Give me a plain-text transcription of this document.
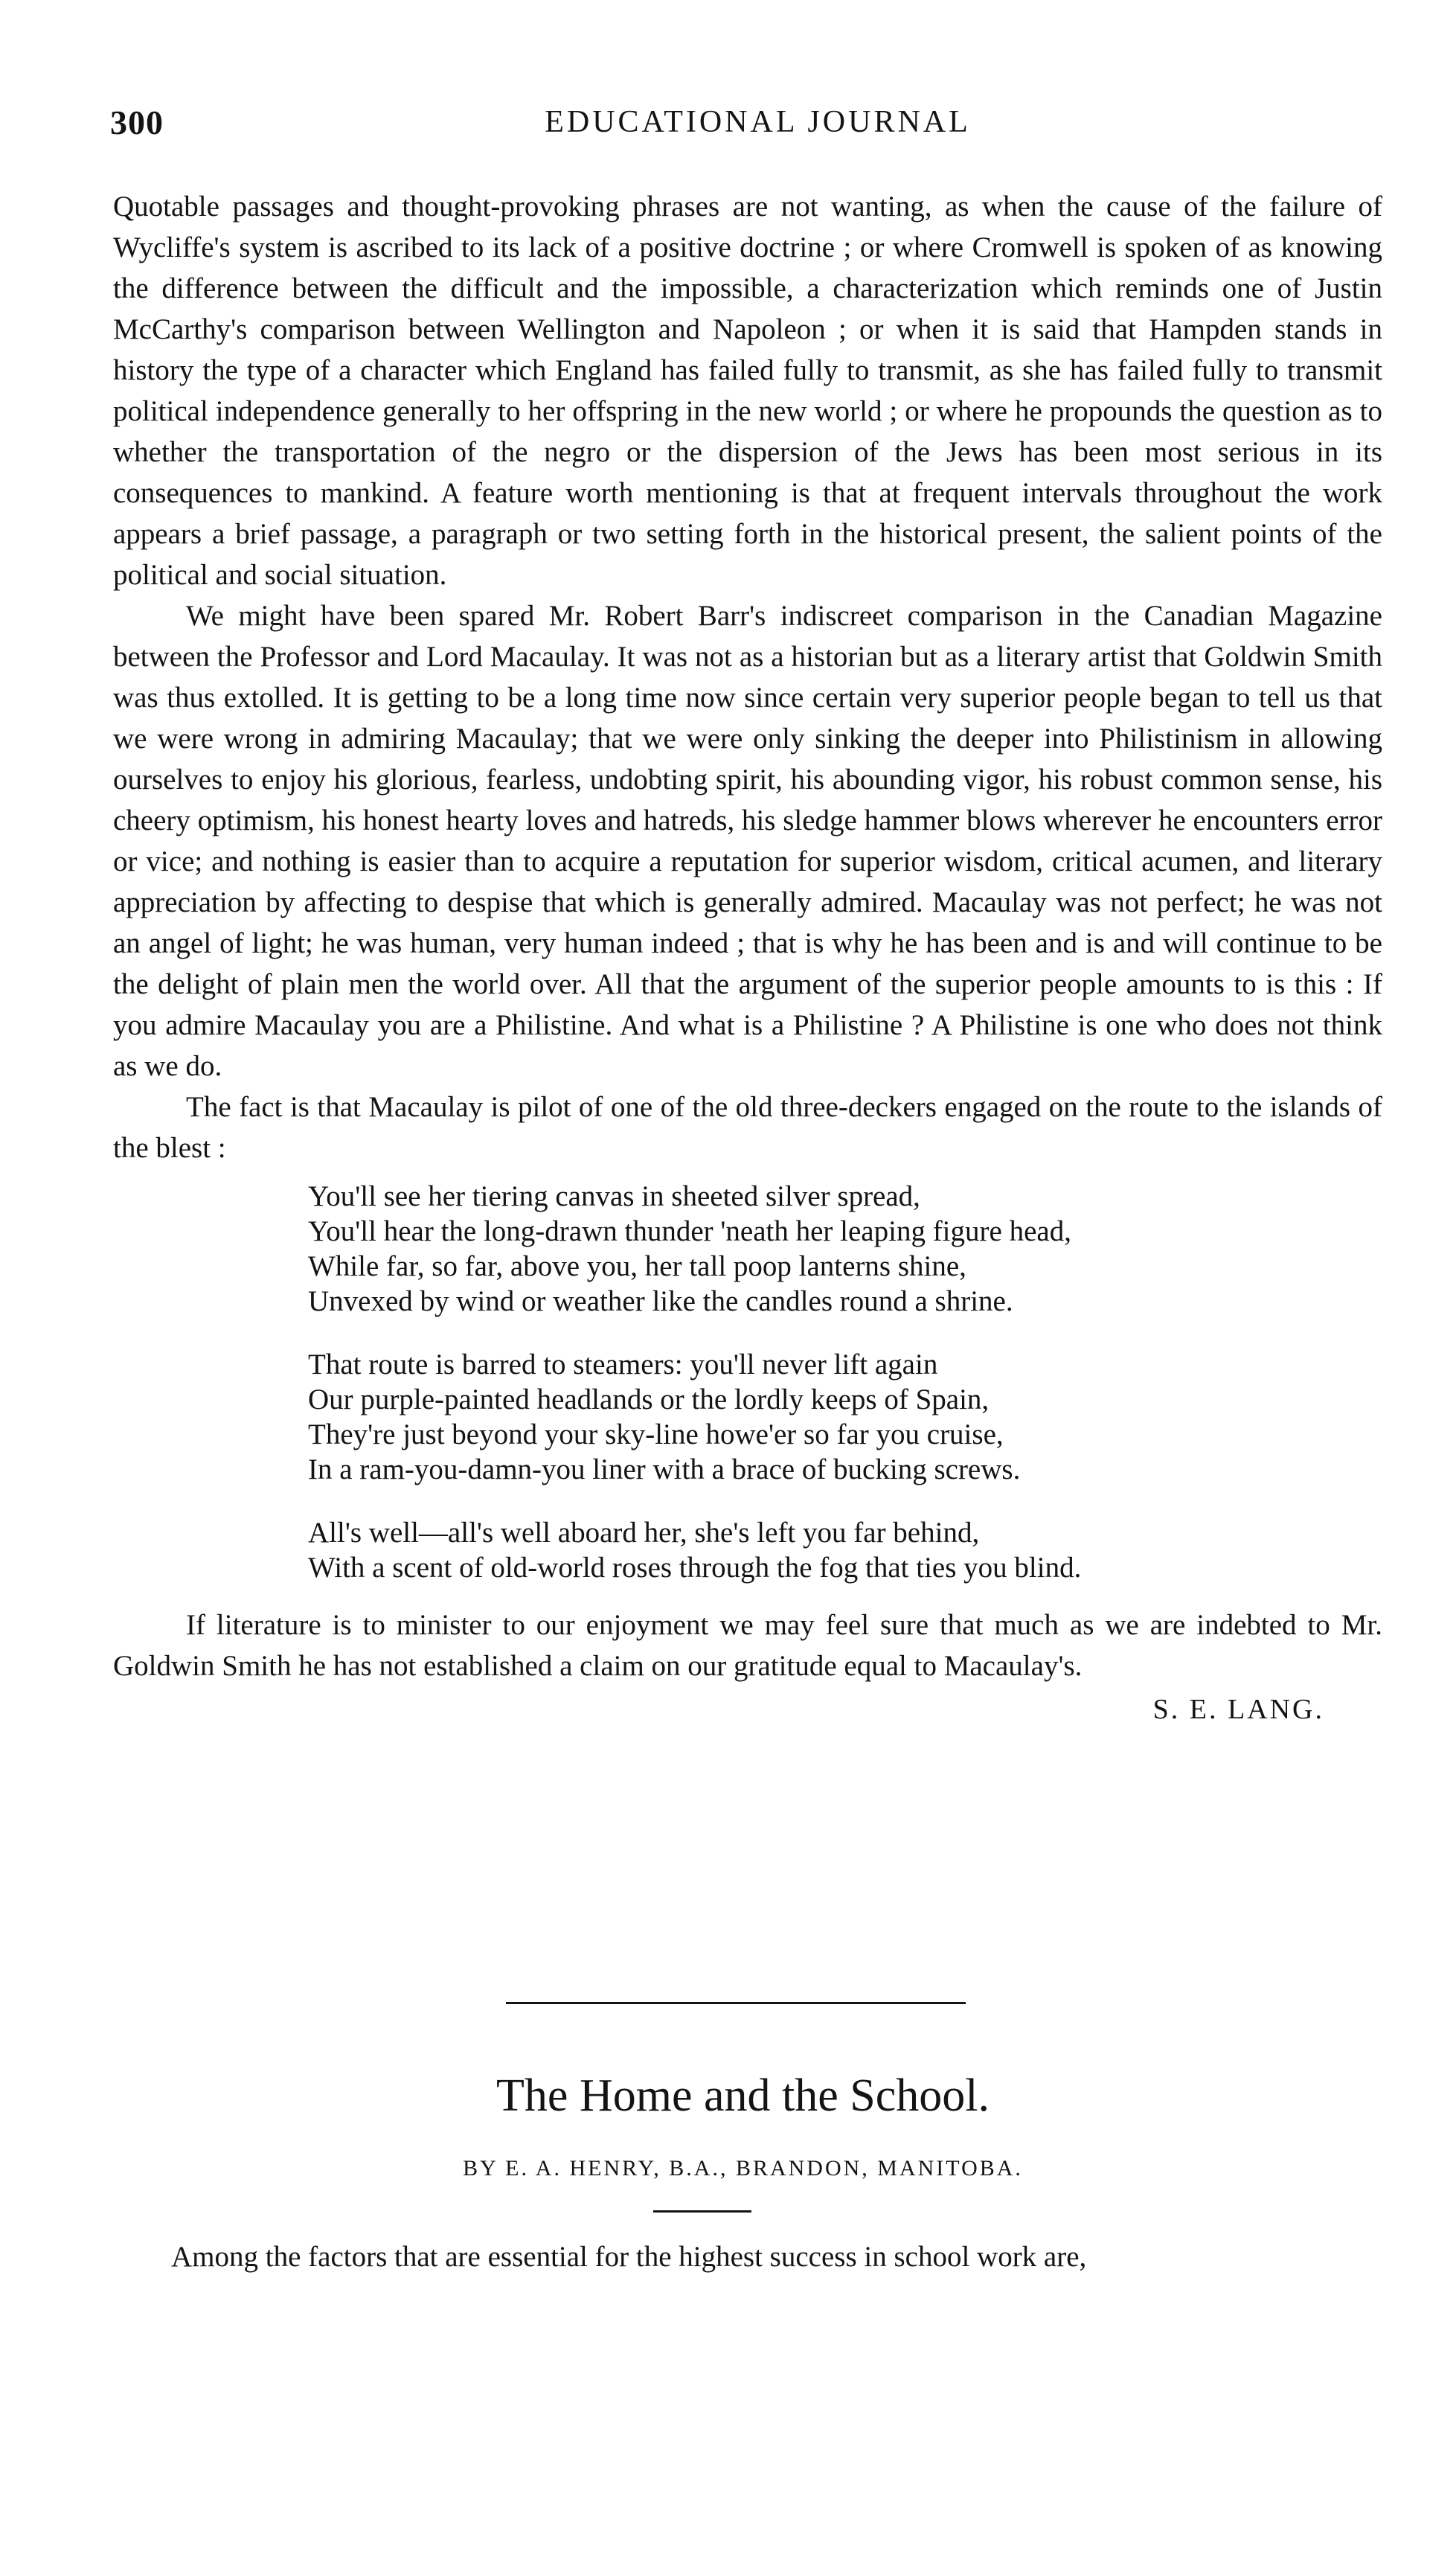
300	EDUCATIONAL JOURNAL

Quotable passages and thought-provoking phrases are not wanting, as when the cause of the failure of Wycliffe's system is ascribed to its lack of a positive doctrine ; or where Cromwell is spoken of as knowing the difference between the difficult and the impossible, a characterization which reminds one of Justin McCarthy's comparison between Wellington and Napoleon ; or when it is said that Hampden stands in history the type of a character which England has failed fully to transmit, as she has failed fully to transmit political independence generally to her offspring in the new world ; or where he propounds the question as to whether the transportation of the negro or the dispersion of the Jews has been most serious in its consequences to mankind. A feature worth mentioning is that at frequent intervals throughout the work appears a brief passage, a paragraph or two setting forth in the historical present, the salient points of the political and social situation.

We might have been spared Mr. Robert Barr's indiscreet comparison in the Canadian Magazine between the Professor and Lord Macaulay. It was not as a historian but as a literary artist that Goldwin Smith was thus extolled. It is getting to be a long time now since certain very superior people began to tell us that we were wrong in admiring Macaulay; that we were only sinking the deeper into Philistinism in allowing ourselves to enjoy his glorious, fearless, undobting spirit, his abounding vigor, his robust common sense, his cheery optimism, his honest hearty loves and hatreds, his sledge hammer blows wherever he encounters error or vice; and nothing is easier than to acquire a reputation for superior wisdom, critical acumen, and literary appreciation by affecting to despise that which is generally admired. Macaulay was not perfect; he was not an angel of light; he was human, very human indeed ; that is why he has been and is and will continue to be the delight of plain men the world over. All that the argument of the superior people amounts to is this : If you admire Macaulay you are a Philistine. And what is a Philistine ? A Philistine is one who does not think as we do.

The fact is that Macaulay is pilot of one of the old three-deckers engaged on the route to the islands of the blest :

You'll see her tiering canvas in sheeted silver spread,
You'll hear the long-drawn thunder 'neath her leaping figure head,
While far, so far, above you, her tall poop lanterns shine,
Unvexed by wind or weather like the candles round a shrine.
That route is barred to steamers: you'll never lift again
Our purple-painted headlands or the lordly keeps of Spain,
They're just beyond your sky-line howe'er so far you cruise,
In a ram-you-damn-you liner with a brace of bucking screws.
All's well—all's well aboard her, she's left you far behind,
With a scent of old-world roses through the fog that ties you blind.

If literature is to minister to our enjoyment we may feel sure that much as we are indebted to Mr. Goldwin Smith he has not established a claim on our gratitude equal to Macaulay's.

S. E. LANG.
The Home and the School.
BY E. A. HENRY, B.A., BRANDON, MANITOBA.
Among the factors that are essential for the highest success in school work are,
